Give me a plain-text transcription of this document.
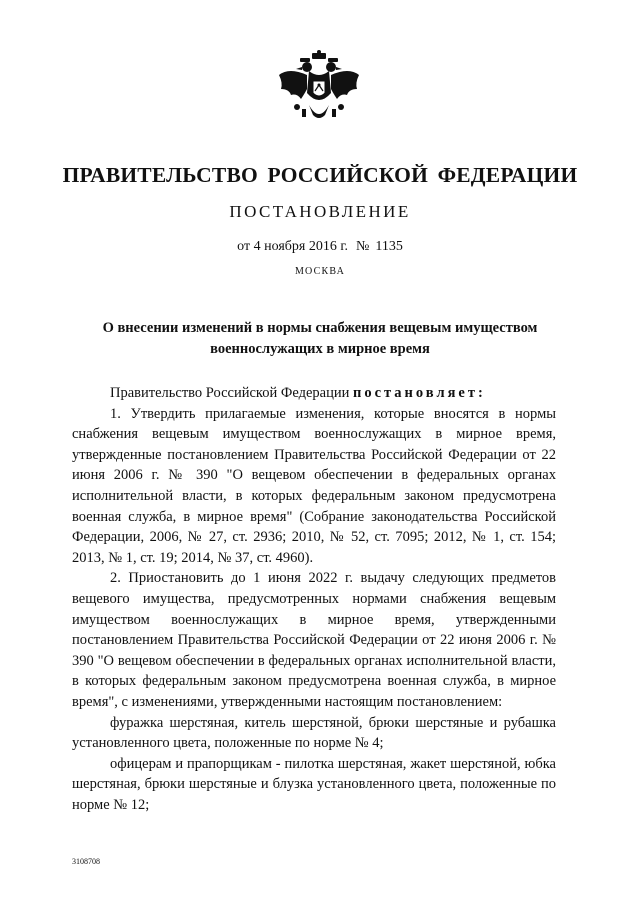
ПРАВИТЕЛЬСТВО РОССИЙСКОЙ ФЕДЕРАЦИИ
ПОСТАНОВЛЕНИЕ
от 4 ноября 2016 г. № 1135
МОСКВА
О внесении изменений в нормы снабжения вещевым имуществом
военнослужащих в мирное время

Правительство Российской Федерации постановляет:

1. Утвердить прилагаемые изменения, которые вносятся в нормы снабжения вещевым имуществом военнослужащих в мирное время, утвержденные постановлением Правительства Российской Федерации от 22 июня 2006 г. № 390 "О вещевом обеспечении в федеральных органах исполнительной власти, в которых федеральным законом предусмотрена военная служба, в мирное время" (Собрание законодательства Российской Федерации, 2006, № 27, ст. 2936; 2010, № 52, ст. 7095; 2012, № 1, ст. 154; 2013, № 1, ст. 19; 2014, № 37, ст. 4960).

2. Приостановить до 1 июня 2022 г. выдачу следующих предметов вещевого имущества, предусмотренных нормами снабжения вещевым имуществом военнослужащих в мирное время, утвержденными постановлением Правительства Российской Федерации от 22 июня 2006 г. № 390 "О вещевом обеспечении в федеральных органах исполнительной власти, в которых федеральным законом предусмотрена военная служба, в мирное время", с изменениями, утвержденными настоящим постановлением:

фуражка шерстяная, китель шерстяной, брюки шерстяные и рубашка установленного цвета, положенные по норме № 4;

офицерам и прапорщикам - пилотка шерстяная, жакет шерстяной, юбка шерстяная, брюки шерстяные и блузка установленного цвета, положенные по норме № 12;

3108708
